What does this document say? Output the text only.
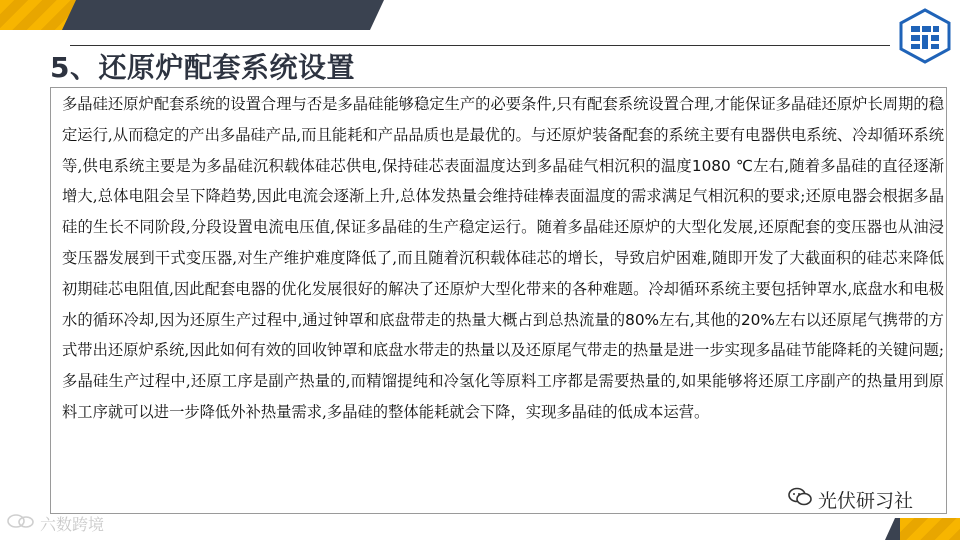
5、还原炉配套系统设置

多晶硅还原炉配套系统的设置合理与否是多晶硅能够稳定生产的必要条件,只有配套系统设置合理,才能保证多晶硅还原炉长周期的稳定运行,从而稳定的产出多晶硅产品,而且能耗和产品品质也是最优的。与还原炉装备配套的系统主要有电器供电系统、冷却循环系统等,供电系统主要是为多晶硅沉积载体硅芯供电,保持硅芯表面温度达到多晶硅气相沉积的温度1080 ℃左右,随着多晶硅的直径逐渐增大,总体电阻会呈下降趋势,因此电流会逐渐上升,总体发热量会维持硅棒表面温度的需求满足气相沉积的要求;还原电器会根据多晶硅的生长不同阶段,分段设置电流电压值,保证多晶硅的生产稳定运行。随着多晶硅还原炉的大型化发展,还原配套的变压器也从油浸变压器发展到干式变压器,对生产维护难度降低了,而且随着沉积载体硅芯的增长，导致启炉困难,随即开发了大截面积的硅芯来降低初期硅芯电阻值,因此配套电器的优化发展很好的解决了还原炉大型化带来的各种难题。冷却循环系统主要包括钟罩水,底盘水和电极水的循环冷却,因为还原生产过程中,通过钟罩和底盘带走的热量大概占到总热流量的80%左右,其他的20%左右以还原尾气携带的方式带出还原炉系统,因此如何有效的回收钟罩和底盘水带走的热量以及还原尾气带走的热量是进一步实现多晶硅节能降耗的关键问题;多晶硅生产过程中,还原工序是副产热量的,而精馏提纯和冷氢化等原料工序都是需要热量的,如果能够将还原工序副产的热量用到原料工序就可以进一步降低外补热量需求,多晶硅的整体能耗就会下降，实现多晶硅的低成本运营。

六数跨境
光伏研习社
